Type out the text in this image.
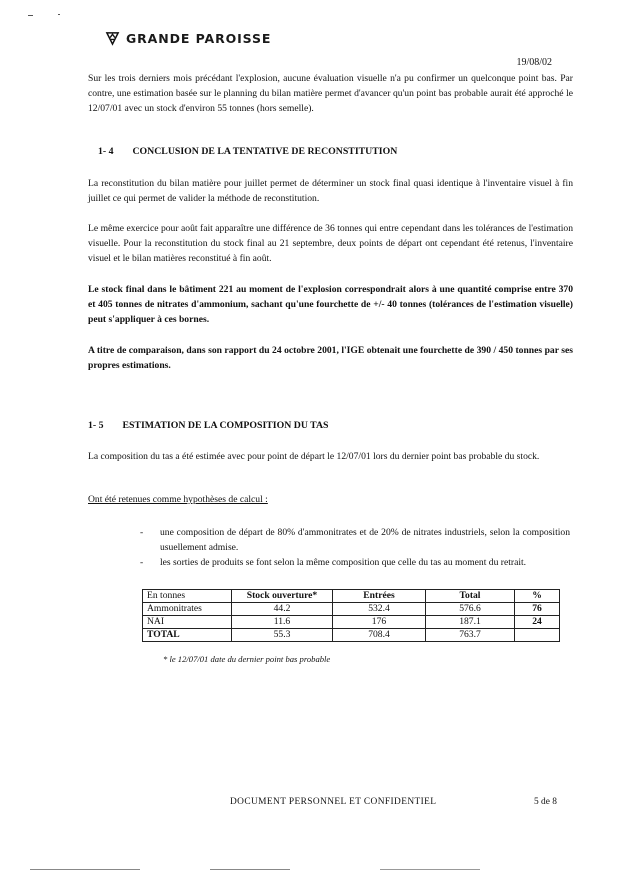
GRANDE PAROISSE
19/08/02
Sur les trois derniers mois précédant l'explosion, aucune évaluation visuelle n'a pu confirmer un quelconque point bas. Par contre, une estimation basée sur le planning du bilan matière permet d'avancer qu'un point bas probable aurait été approché le 12/07/01 avec un stock d'environ 55 tonnes (hors semelle).
1- 4 CONCLUSION DE LA TENTATIVE DE RECONSTITUTION
La reconstitution du bilan matière pour juillet permet de déterminer un stock final quasi identique à l'inventaire visuel à fin juillet ce qui permet de valider la méthode de reconstitution.
Le même exercice pour août fait apparaître une différence de 36 tonnes qui entre cependant dans les tolérances de l'estimation visuelle. Pour la reconstitution du stock final au 21 septembre, deux points de départ ont cependant été retenus, l'inventaire visuel et le bilan matières reconstitué à fin août.
Le stock final dans le bâtiment 221 au moment de l'explosion correspondrait alors à une quantité comprise entre 370 et 405 tonnes de nitrates d'ammonium, sachant qu'une fourchette de +/- 40 tonnes (tolérances de l'estimation visuelle) peut s'appliquer à ces bornes.
A titre de comparaison, dans son rapport du 24 octobre 2001, l'IGE obtenait une fourchette de 390 / 450 tonnes par ses propres estimations.
1- 5 ESTIMATION DE LA COMPOSITION DU TAS
La composition du tas a été estimée avec pour point de départ le 12/07/01 lors du dernier point bas probable du stock.
Ont été retenues comme hypothèses de calcul :
-	une composition de départ de 80% d'ammonitrates et de 20% de nitrates industriels, selon la composition usuellement admise.
-	les sorties de produits se font selon la même composition que celle du tas au moment du retrait.
En tonnes	Stock ouverture*	Entrées	Total	%
Ammonitrates	44.2	532.4	576.6	76
NAI	11.6	176	187.1	24
TOTAL	55.3	708.4	763.7	
* le 12/07/01 date du dernier point bas probable
DOCUMENT PERSONNEL ET CONFIDENTIEL	5 de 8
